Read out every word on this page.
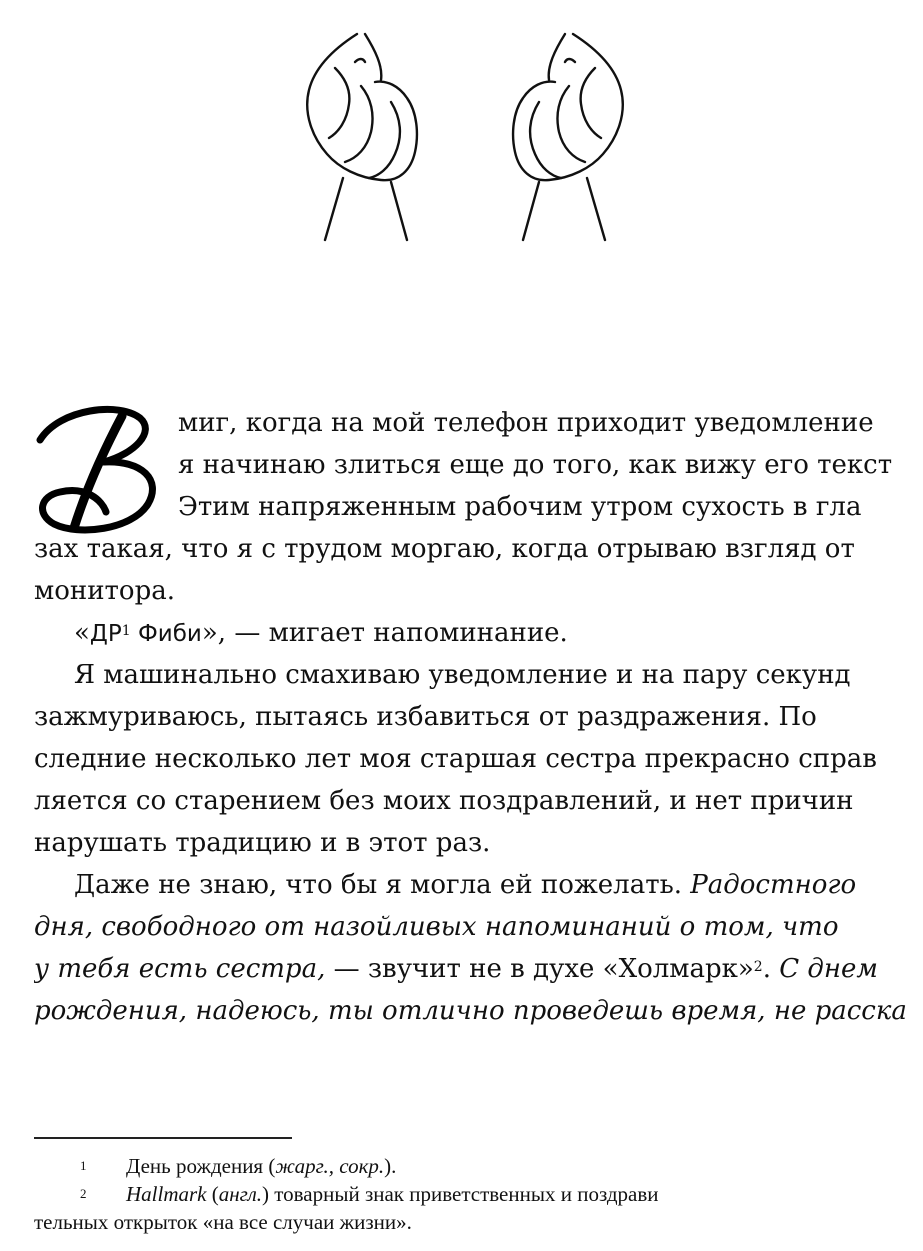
миг, когда на мой телефон приходит уведомление
я начинаю злиться еще до того, как вижу его текст
Этим напряженным рабочим утром сухость в гла
зах такая, что я с трудом моргаю, когда отрываю взгляд от
монитора.
«$ДР^1$ Фиби», — мигает напоминание.
Я машинально смахиваю уведомление и на пару секунд
зажмуриваюсь, пытаясь избавиться от раздражения. По
следние несколько лет моя старшая сестра прекрасно справ
ляется со старением без моих поздравлений, и нет причин
нарушать традицию и в этот раз.
Даже не знаю, что бы я могла ей пожелать. Радостного
дня, свободного от назойливых напоминаний о том, что
у тебя есть сестра, — звучит не в духе «Холмарк»$^2$. С днем
рождения, надеюсь, ты отлично проведешь время, не расска
1 День рождения (жарг., сокр.).
2 Hallmark (англ.) товарный знак приветственных и поздрави
тельных открыток «на все случаи жизни».
